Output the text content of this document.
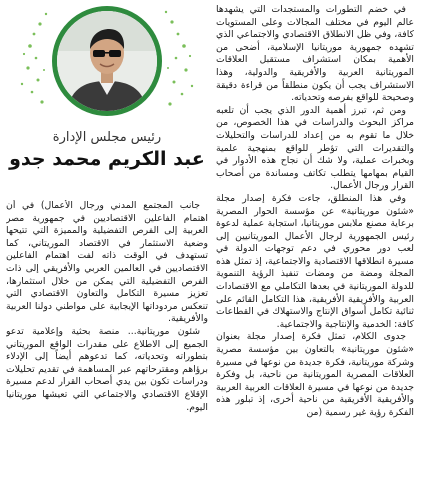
في خضم التطورات والمستجدات التي يشهدها عالم اليوم في مختلف المجالات وعلى المستويات كافة، وفي ظل الانطلاق الاقتصادي والاجتماعي الذي تشهده جمهورية موريتانيا الإسلامية، أضحى من الأهمية بمكان استشراف مستقبل العلاقات الموريتانية العربية والأفريقية والدولية، وهذا الاستشراف يجب أن يكون منطلقاً من قراءة دقيقة وصحيحة للواقع بفرصه وتحدياته.

ومن ثم، تبرز أهمية الدور الذي يجب أن تلعبه مراكز البحوث والدراسات في هذا الخصوص، من خلال ما تقوم به من إعداد للدراسات والتحليلات والتقديرات التي تؤطر للواقع بمنهجية علمية وبخبرات عملية، ولا شك أن نجاح هذه الأدوار في القيام بمهامها يتطلب تكاتف ومساندة من أصحاب القرار ورجال الأعمال.

وفي هذا المنطلق، جاءت فكرة إصدار مجلة «شئون موريتانية» عن مؤسسة الحوار المصرية برعاية مصنع ملابس موريتانيا، استجابة عملية لدعوة رئيس الجمهورية لرجال الأعمال الموريتانيين إلى لعب دور محوري في دعم توجهات الدولة في مسيرة انطلاقها الاقتصادية والاجتماعية، إذ تمثل هذه المجلة ومضة من ومضات تنفيذ الرؤية التنموية للدولة الموريتانية في بعدها التكاملي مع الاقتصادات العربية والأفريقية الأفريقية، هذا التكامل القائم على ثنائية تكامل أسواق الإنتاج والاستهلاك في القطاعات كافة: الخدمية والإنتاجية والاجتماعية.

جدوى الكلام، تمثل فكرة إصدار مجلة بعنوان «شئون موريتانية» بالتعاون بين مؤسسة مصرية وشركة موريتانية، فكرة جديدة من نوعها في مسيرة العلاقات المصرية الموريتانية من ناحية، بل وفكرة جديدة من نوعها في مسيرة العلاقات العربية العربية والأفريقية الأفريقية من ناحية أخرى، إذ تبلور هذه الفكرة رؤية غير رسمية (من

رئيس مجلس الإدارة
عبد الكريم محمد جدو

جانب المجتمع المدني ورجال الأعمال) في أن اهتمام الفاعلين الاقتصاديين في جمهورية مصر العربية إلى الفرص التفضيلية والمميزة التي تتيحها وضعية الاستثمار في الاقتصاد الموريتاني، كما تستهدف في الوقت ذاته لفت اهتمام الفاعلين الاقتصاديين في العالمين العربي والأفريقي إلى ذات الفرص التفضيلية التي يمكن من خلال استثمارها، تعزيز مسيرة التكامل والتعاون الاقتصادي التي تنعكس مردوداتها الإيجابية على مواطني دولنا العربية والأفريقية.

شئون موريتانية... منصة بحثية وإعلامية تدعو الجميع إلى الاطلاع على مقدرات الواقع الموريتاني بتطوراته وتحدياته، كما تدعوهم أيضاً إلى الإدلاء برؤاهم ومقترحاتهم عبر المساهمة في تقديم تحليلات ودراسات تكون بين يدي أصحاب القرار لدعم مسيرة الإقلاع الاقتصادي والاجتماعي التي تعيشها موريتانيا اليوم.
